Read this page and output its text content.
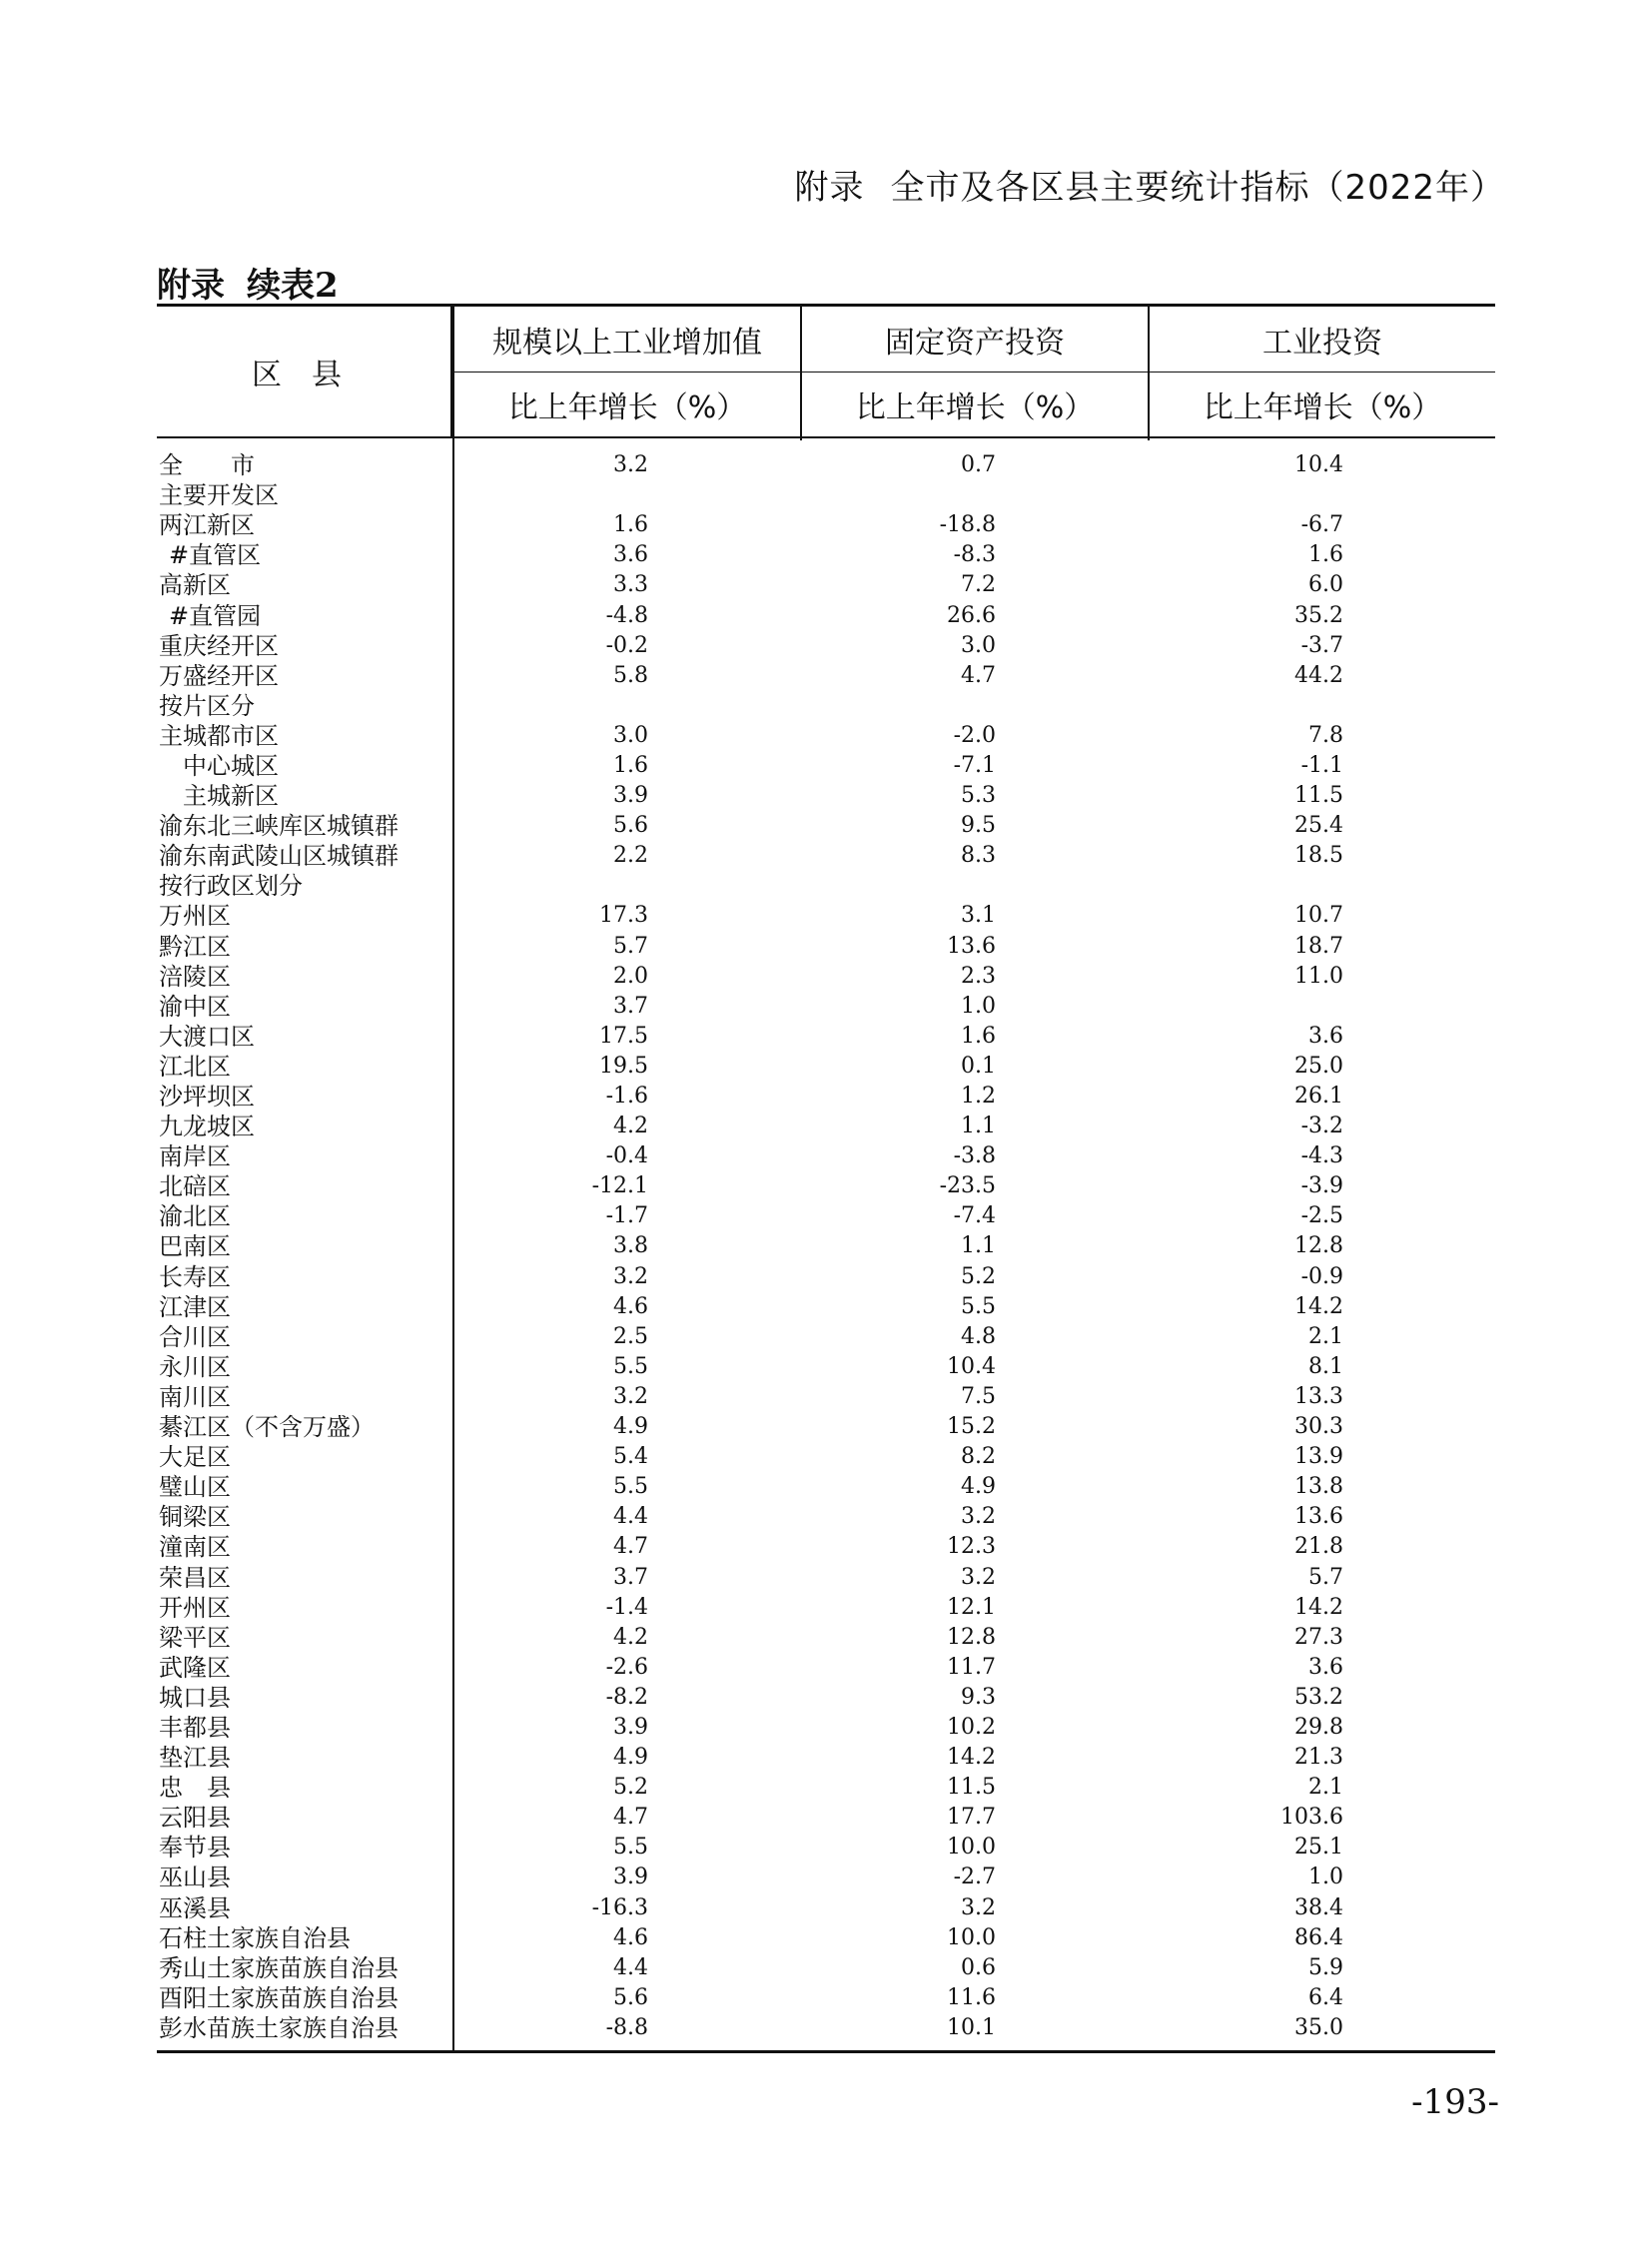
附录 全市及各区县主要统计指标（2022年）
附录 续表2
区县
规模以上工业增加值	固定资产投资	工业投资
比上年增长（%）	比上年增长（%）	比上年增长（%）
全　　市	3.2	0.7	10.4
主要开发区
两江新区	1.6	-18.8	-6.7
#直管区	3.6	-8.3	1.6
高新区	3.3	7.2	6.0
#直管园	-4.8	26.6	35.2
重庆经开区	-0.2	3.0	-3.7
万盛经开区	5.8	4.7	44.2
按片区分
主城都市区	3.0	-2.0	7.8
中心城区	1.6	-7.1	-1.1
主城新区	3.9	5.3	11.5
渝东北三峡库区城镇群	5.6	9.5	25.4
渝东南武陵山区城镇群	2.2	8.3	18.5
按行政区划分
万州区	17.3	3.1	10.7
黔江区	5.7	13.6	18.7
涪陵区	2.0	2.3	11.0
渝中区	3.7	1.0
大渡口区	17.5	1.6	3.6
江北区	19.5	0.1	25.0
沙坪坝区	-1.6	1.2	26.1
九龙坡区	4.2	1.1	-3.2
南岸区	-0.4	-3.8	-4.3
北碚区	-12.1	-23.5	-3.9
渝北区	-1.7	-7.4	-2.5
巴南区	3.8	1.1	12.8
长寿区	3.2	5.2	-0.9
江津区	4.6	5.5	14.2
合川区	2.5	4.8	2.1
永川区	5.5	10.4	8.1
南川区	3.2	7.5	13.3
綦江区（不含万盛）	4.9	15.2	30.3
大足区	5.4	8.2	13.9
璧山区	5.5	4.9	13.8
铜梁区	4.4	3.2	13.6
潼南区	4.7	12.3	21.8
荣昌区	3.7	3.2	5.7
开州区	-1.4	12.1	14.2
梁平区	4.2	12.8	27.3
武隆区	-2.6	11.7	3.6
城口县	-8.2	9.3	53.2
丰都县	3.9	10.2	29.8
垫江县	4.9	14.2	21.3
忠　县	5.2	11.5	2.1
云阳县	4.7	17.7	103.6
奉节县	5.5	10.0	25.1
巫山县	3.9	-2.7	1.0
巫溪县	-16.3	3.2	38.4
石柱土家族自治县	4.6	10.0	86.4
秀山土家族苗族自治县	4.4	0.6	5.9
酉阳土家族苗族自治县	5.6	11.6	6.4
彭水苗族土家族自治县	-8.8	10.1	35.0
-193-
